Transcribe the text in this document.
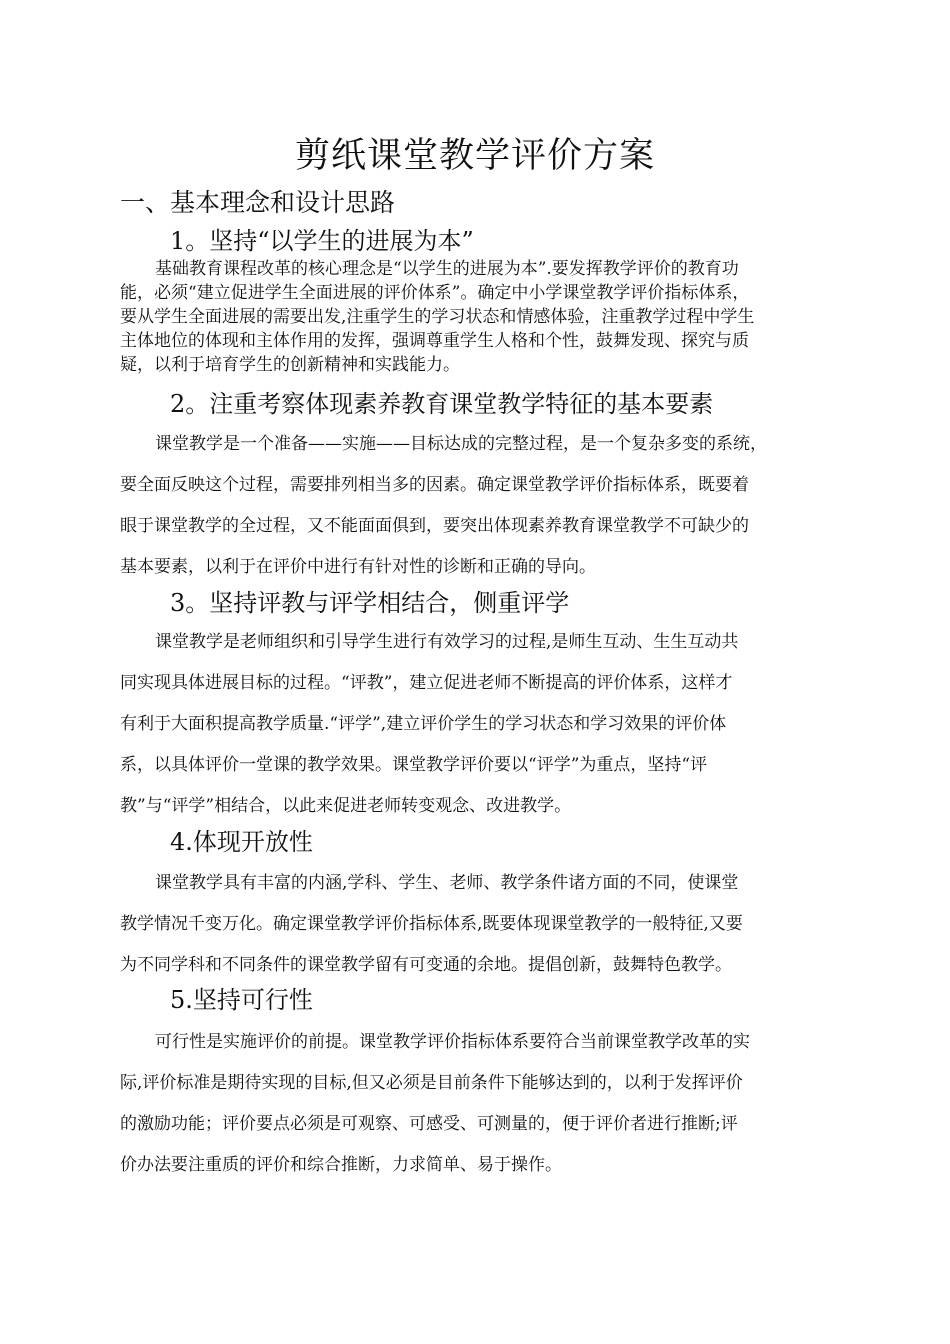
剪纸课堂教学评价方案
一、基本理念和设计思路
1。坚持“以学生的进展为本”
基础教育课程改革的核心理念是“以学生的进展为本”.要发挥教学评价的教育功
能，必须“建立促进学生全面进展的评价体系”。确定中小学课堂教学评价指标体系，
要从学生全面进展的需要出发,注重学生的学习状态和情感体验，注重教学过程中学生
主体地位的体现和主体作用的发挥，强调尊重学生人格和个性，鼓舞发现、探究与质
疑，以利于培育学生的创新精神和实践能力。
2。注重考察体现素养教育课堂教学特征的基本要素
课堂教学是一个准备——实施——目标达成的完整过程，是一个复杂多变的系统，
要全面反映这个过程，需要排列相当多的因素。确定课堂教学评价指标体系，既要着
眼于课堂教学的全过程，又不能面面俱到，要突出体现素养教育课堂教学不可缺少的
基本要素，以利于在评价中进行有针对性的诊断和正确的导向。
3。坚持评教与评学相结合，侧重评学
课堂教学是老师组织和引导学生进行有效学习的过程,是师生互动、生生互动共
同实现具体进展目标的过程。“评教”，建立促进老师不断提高的评价体系，这样才
有利于大面积提高教学质量.“评学”,建立评价学生的学习状态和学习效果的评价体
系，以具体评价一堂课的教学效果。课堂教学评价要以“评学”为重点，坚持“评
教”与“评学”相结合，以此来促进老师转变观念、改进教学。
4.体现开放性
课堂教学具有丰富的内涵,学科、学生、老师、教学条件诸方面的不同，使课堂
教学情况千变万化。确定课堂教学评价指标体系,既要体现课堂教学的一般特征,又要
为不同学科和不同条件的课堂教学留有可变通的余地。提倡创新，鼓舞特色教学。
5.坚持可行性
可行性是实施评价的前提。课堂教学评价指标体系要符合当前课堂教学改革的实
际,评价标准是期待实现的目标,但又必须是目前条件下能够达到的，以利于发挥评价
的激励功能；评价要点必须是可观察、可感受、可测量的，便于评价者进行推断;评
价办法要注重质的评价和综合推断，力求简单、易于操作。
